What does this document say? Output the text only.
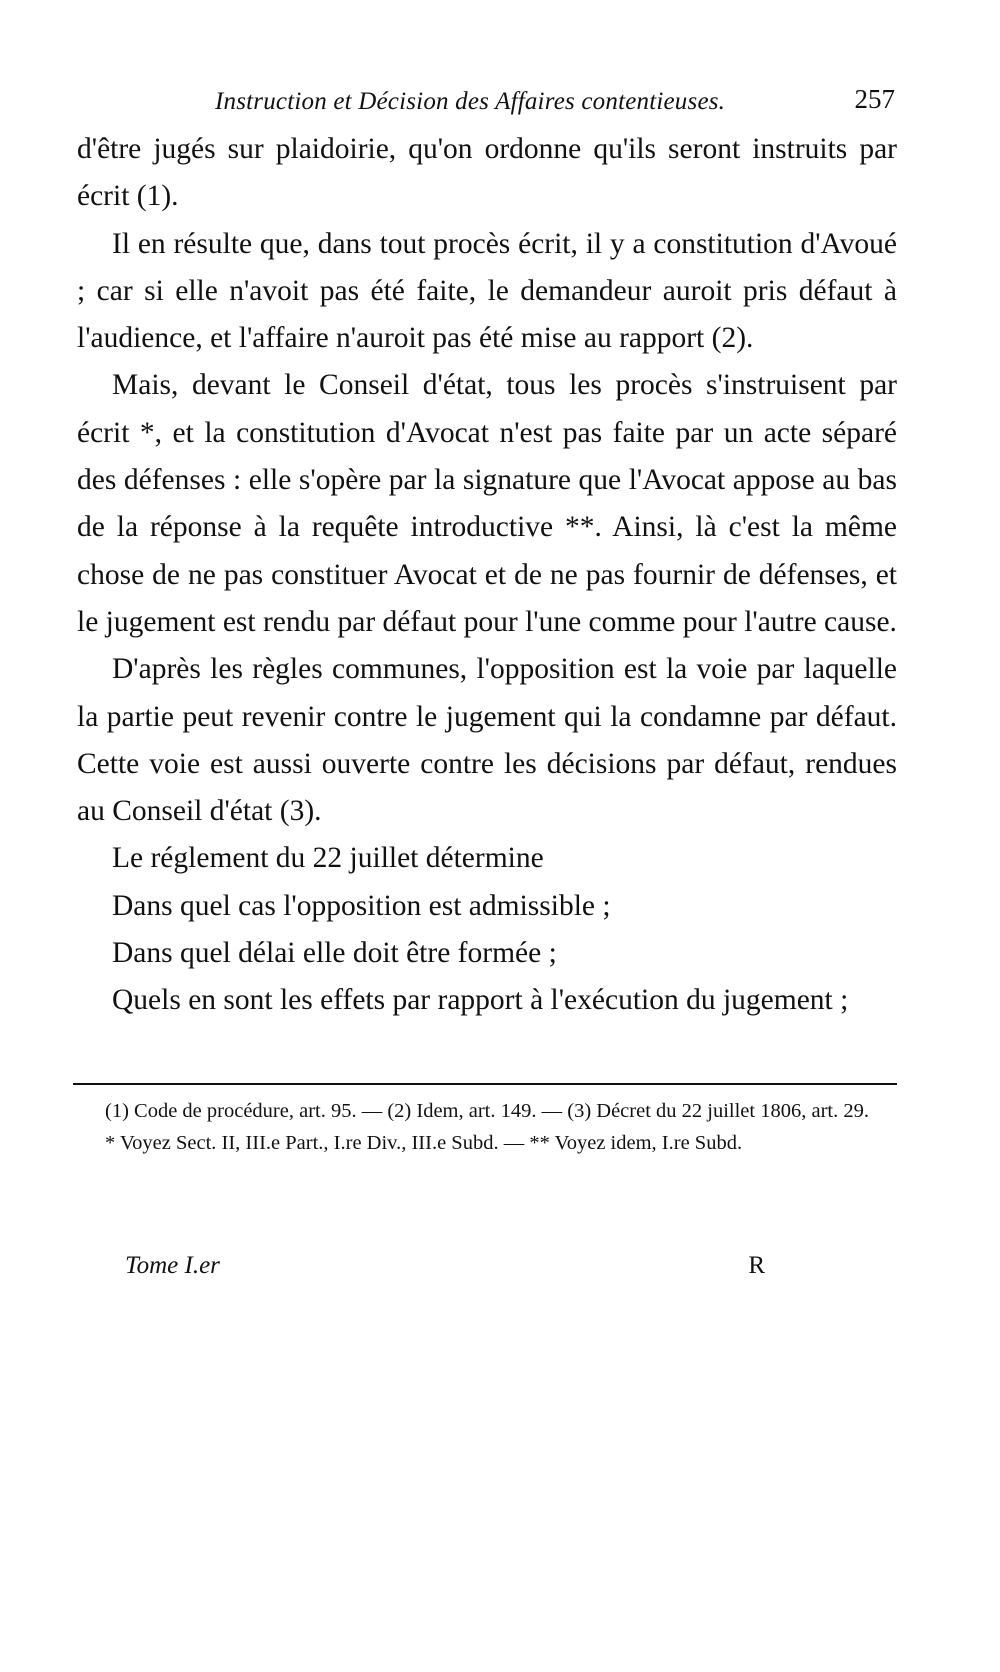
Instruction et Décision des Affaires contentieuses.	257

d'être jugés sur plaidoirie, qu'on ordonne qu'ils seront instruits par écrit (1).

Il en résulte que, dans tout procès écrit, il y a constitution d'Avoué ; car si elle n'avoit pas été faite, le demandeur auroit pris défaut à l'audience, et l'affaire n'auroit pas été mise au rapport (2).

Mais, devant le Conseil d'état, tous les procès s'instruisent par écrit *, et la constitution d'Avocat n'est pas faite par un acte séparé des défenses : elle s'opère par la signature que l'Avocat appose au bas de la réponse à la requête introductive **. Ainsi, là c'est la même chose de ne pas constituer Avocat et de ne pas fournir de défenses, et le jugement est rendu par défaut pour l'une comme pour l'autre cause.

D'après les règles communes, l'opposition est la voie par laquelle la partie peut revenir contre le jugement qui la condamne par défaut. Cette voie est aussi ouverte contre les décisions par défaut, rendues au Conseil d'état (3).

Le réglement du 22 juillet détermine

Dans quel cas l'opposition est admissible ;

Dans quel délai elle doit être formée ;

Quels en sont les effets par rapport à l'exécution du jugement ;

(1) Code de procédure, art. 95. — (2) Idem, art. 149. — (3) Décret du 22 juillet 1806, art. 29.

* Voyez Sect. II, III.e Part., I.re Div., III.e Subd. — ** Voyez idem, I.re Subd.

Tome I.er	R
